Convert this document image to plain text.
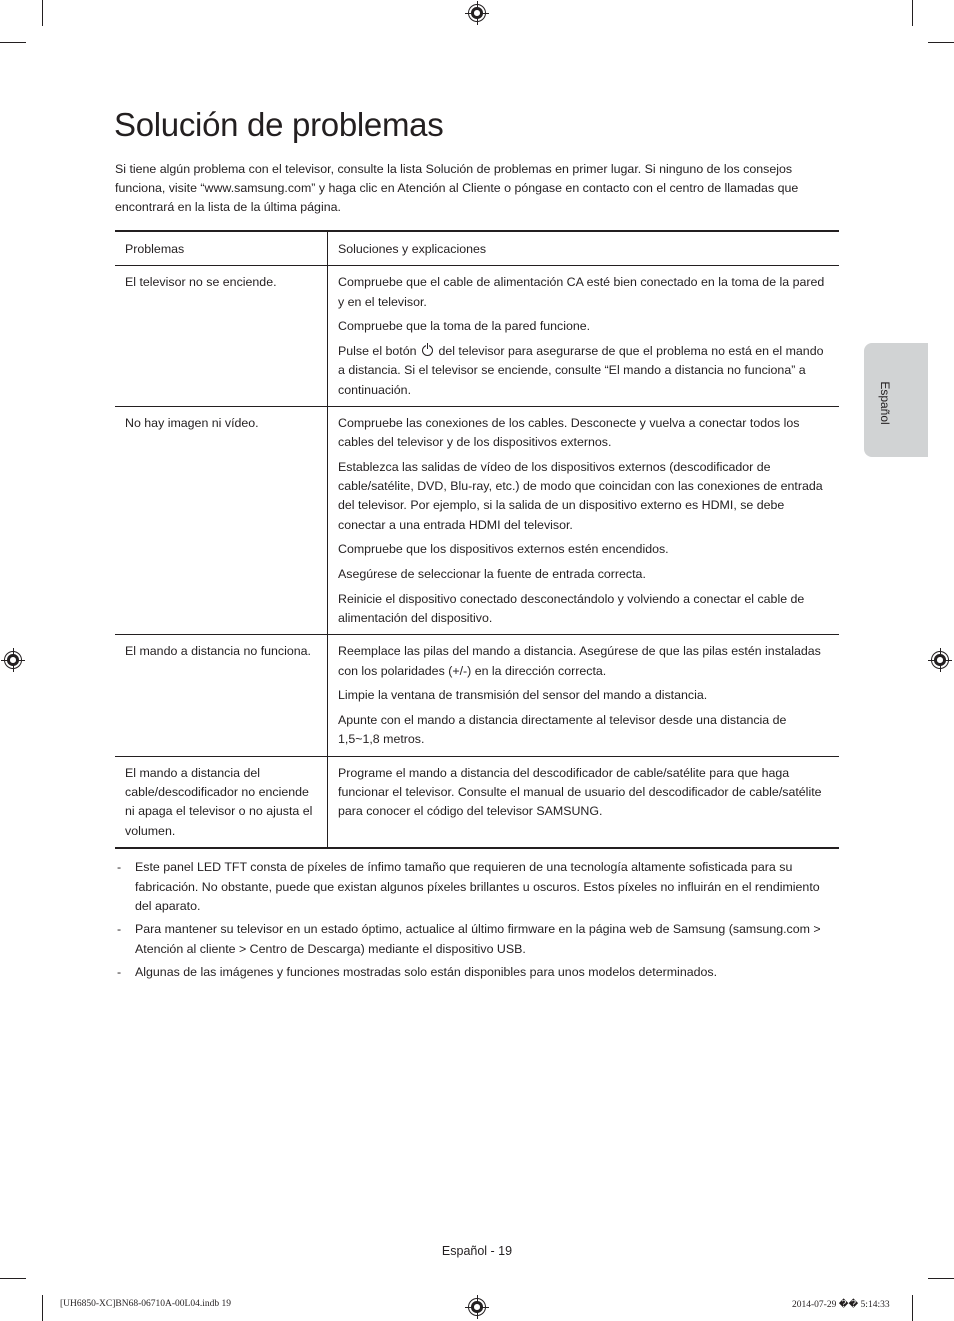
Solución de problemas

Si tiene algún problema con el televisor, consulte la lista Solución de problemas en primer lugar. Si ninguno de los consejos funciona, visite “www.samsung.com” y haga clic en Atención al Cliente o póngase en contacto con el centro de llamadas que encontrará en la lista de la última página.

Problemas	Soluciones y explicaciones
El televisor no se enciende.	Compruebe que el cable de alimentación CA esté bien conectado en la toma de la pared y en el televisor.

Compruebe que la toma de la pared funcione.

Pulse el botón del televisor para asegurarse de que el problema no está en el mando a distancia. Si el televisor se enciende, consulte “El mando a distancia no funciona” a continuación.

No hay imagen ni vídeo.	Compruebe las conexiones de los cables. Desconecte y vuelva a conectar todos los cables del televisor y de los dispositivos externos.

Establezca las salidas de vídeo de los dispositivos externos (descodificador de cable/satélite, DVD, Blu-ray, etc.) de modo que coincidan con las conexiones de entrada del televisor. Por ejemplo, si la salida de un dispositivo externo es HDMI, se debe conectar a una entrada HDMI del televisor.

Compruebe que los dispositivos externos estén encendidos.

Asegúrese de seleccionar la fuente de entrada correcta.

Reinicie el dispositivo conectado desconectándolo y volviendo a conectar el cable de alimentación del dispositivo.

El mando a distancia no funciona.	Reemplace las pilas del mando a distancia. Asegúrese de que las pilas estén instaladas con los polaridades (+/-) en la dirección correcta.

Limpie la ventana de transmisión del sensor del mando a distancia.

Apunte con el mando a distancia directamente al televisor desde una distancia de 1,5~1,8 metros.

El mando a distancia del cable/descodificador no enciende ni apaga el televisor o no ajusta el volumen.	Programe el mando a distancia del descodificador de cable/satélite para que haga funcionar el televisor. Consulte el manual de usuario del descodificador de cable/satélite para conocer el código del televisor SAMSUNG.

- Este panel LED TFT consta de píxeles de ínfimo tamaño que requieren de una tecnología altamente sofisticada para su fabricación. No obstante, puede que existan algunos píxeles brillantes u oscuros. Estos píxeles no influirán en el rendimiento del aparato.
- Para mantener su televisor en un estado óptimo, actualice al último firmware en la página web de Samsung (samsung.com > Atención al cliente > Centro de Descarga) mediante el dispositivo USB.
- Algunas de las imágenes y funciones mostradas solo están disponibles para unos modelos determinados.
Español
Español - 19
[UH6850-XC]BN68-06710A-00L04.indb 19	2014-07-29 �� 5:14:33
